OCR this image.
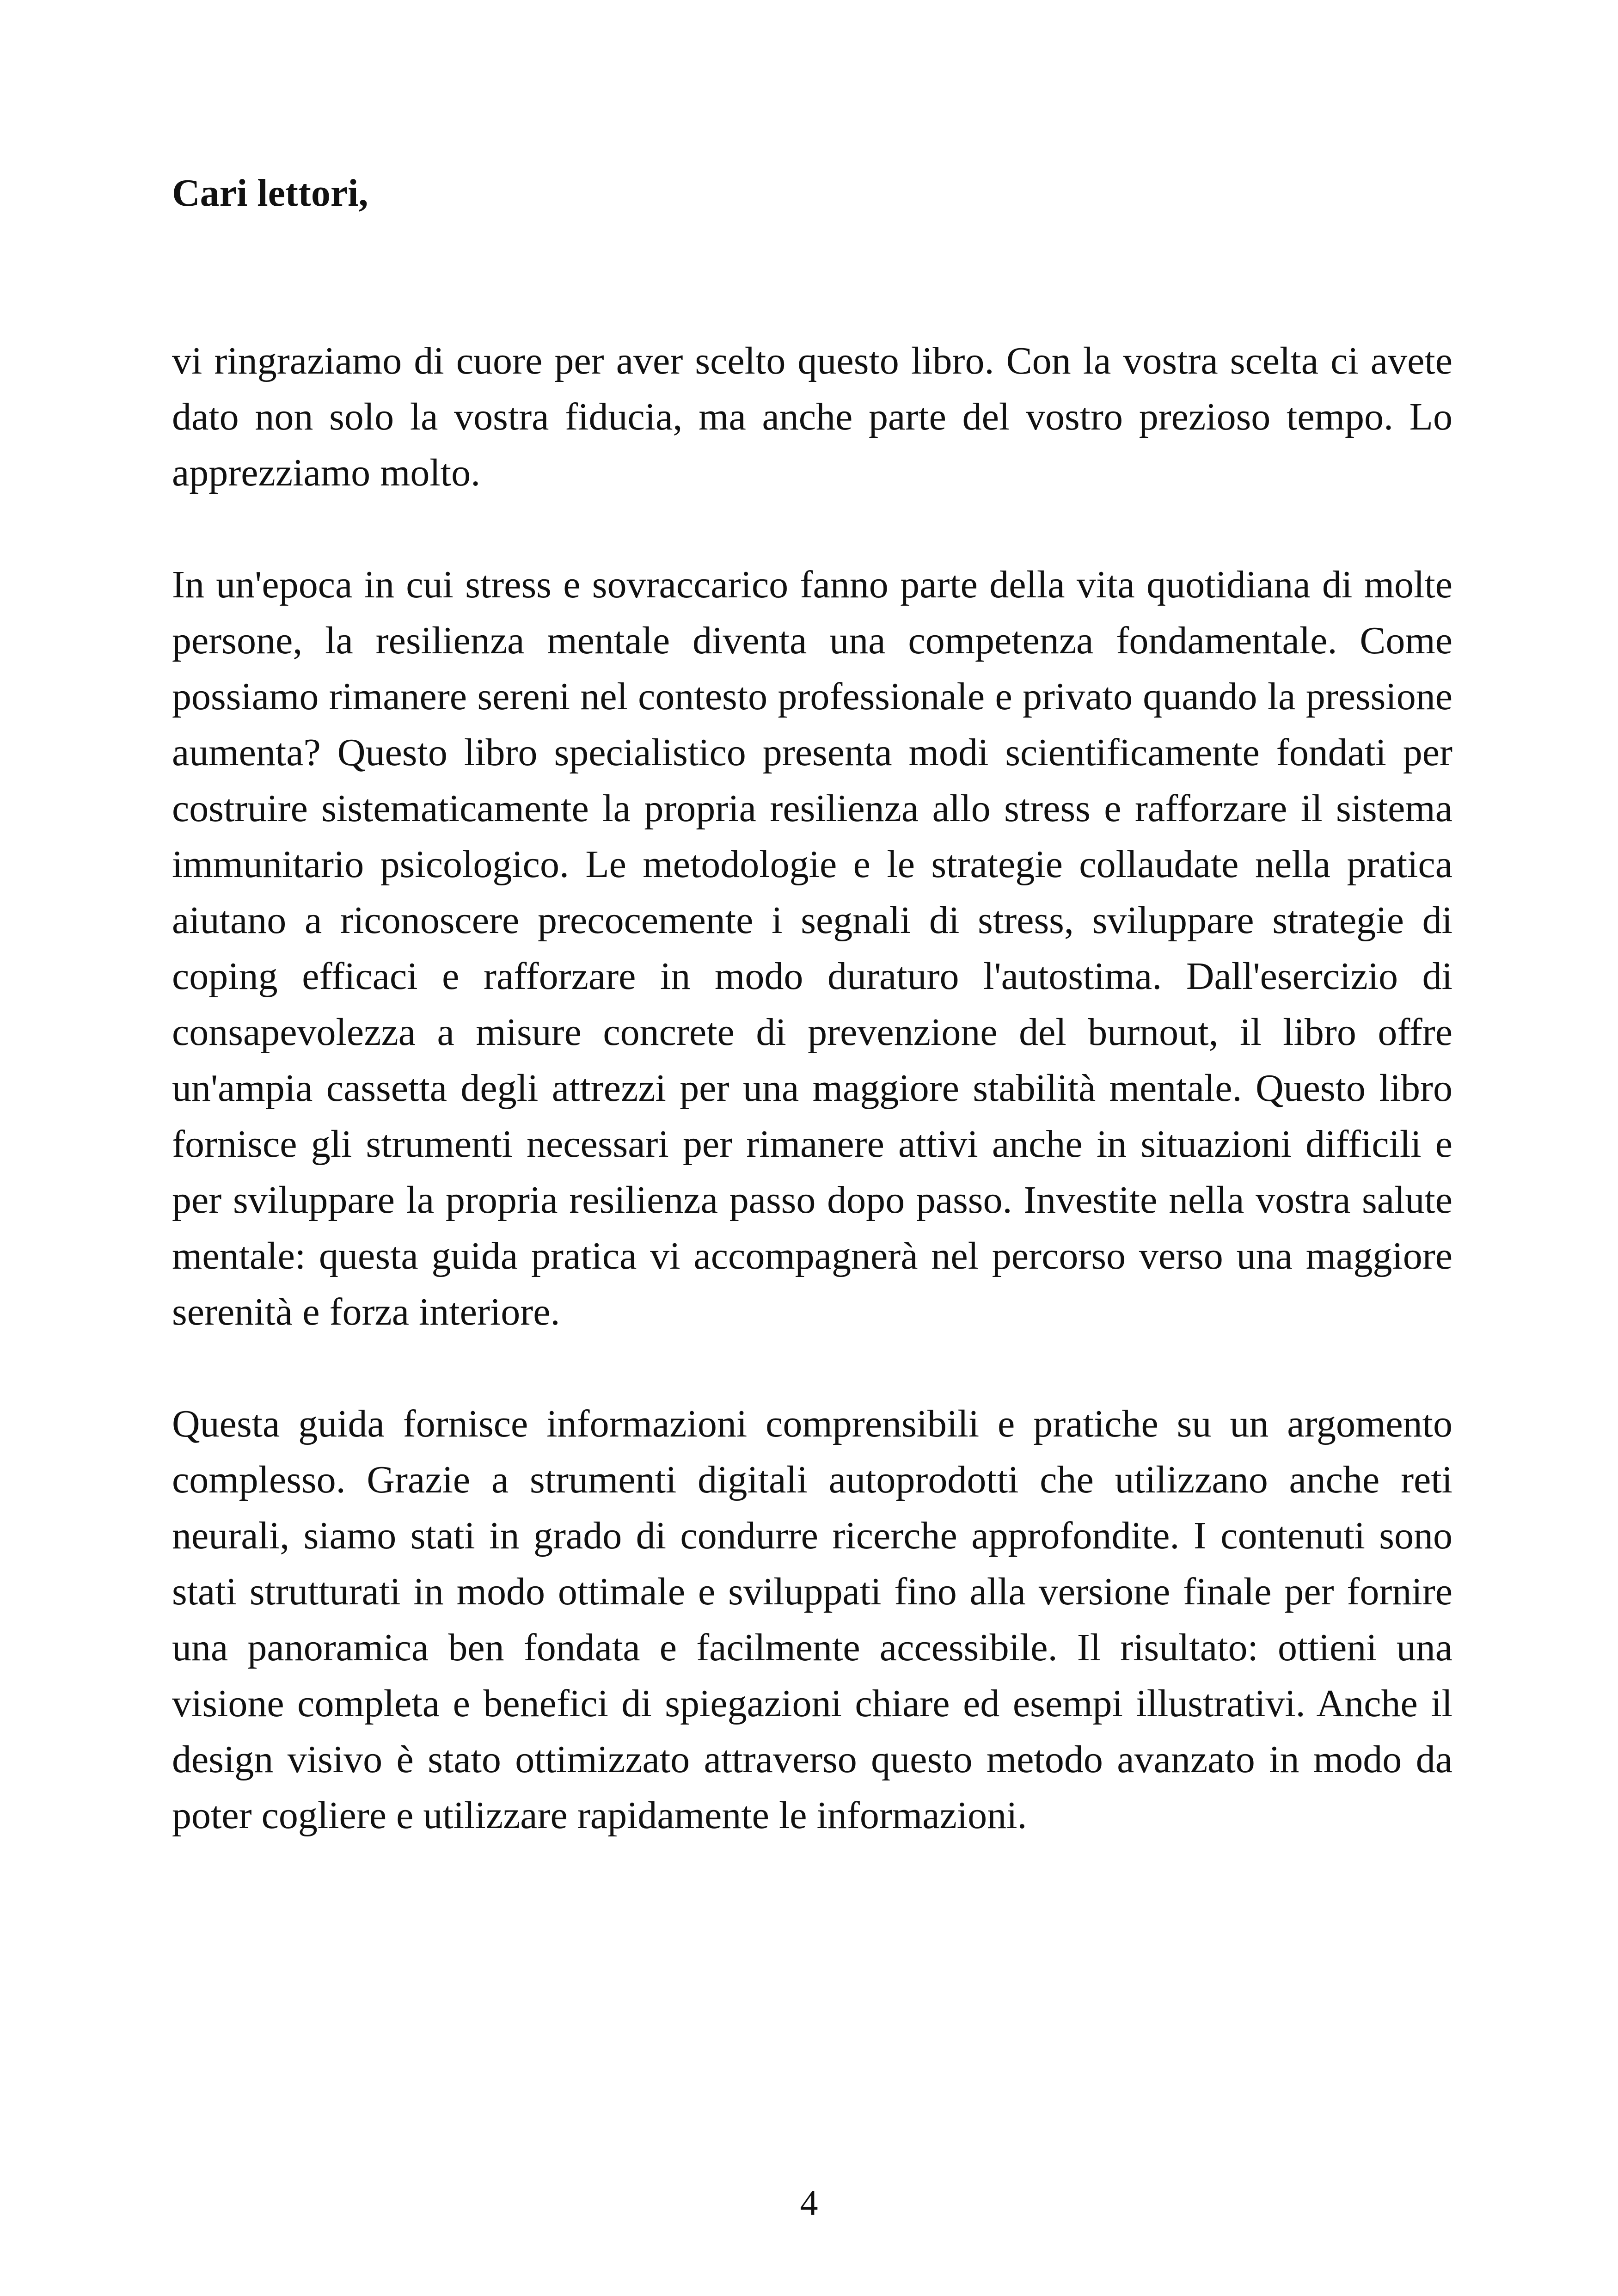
Cari lettori,

vi ringraziamo di cuore per aver scelto questo libro. Con la vostra scelta ci avete dato non solo la vostra fiducia, ma anche parte del vostro prezioso tempo. Lo apprezziamo molto.

In un'epoca in cui stress e sovraccarico fanno parte della vita quotidiana di molte persone, la resilienza mentale diventa una competenza fondamentale. Come possiamo rimanere sereni nel contesto professionale e privato quando la pressione aumenta? Questo libro specialistico presenta modi scientificamente fondati per costruire sistematicamente la propria resilienza allo stress e rafforzare il sistema immunitario psicologico. Le metodologie e le strategie collaudate nella pratica aiutano a riconoscere precocemente i segnali di stress, sviluppare strategie di coping efficaci e rafforzare in modo duraturo l'autostima. Dall'esercizio di consapevolezza a misure concrete di prevenzione del burnout, il libro offre un'ampia cassetta degli attrezzi per una maggiore stabilità mentale. Questo libro fornisce gli strumenti necessari per rimanere attivi anche in situazioni difficili e per sviluppare la propria resilienza passo dopo passo. Investite nella vostra salute mentale: questa guida pratica vi accompagnerà nel percorso verso una maggiore serenità e forza interiore.

Questa guida fornisce informazioni comprensibili e pratiche su un argomento complesso. Grazie a strumenti digitali autoprodotti che utilizzano anche reti neurali, siamo stati in grado di condurre ricerche approfondite. I contenuti sono stati strutturati in modo ottimale e sviluppati fino alla versione finale per fornire una panoramica ben fondata e facilmente accessibile. Il risultato: ottieni una visione completa e benefici di spiegazioni chiare ed esempi illustrativi. Anche il design visivo è stato ottimizzato attraverso questo metodo avanzato in modo da poter cogliere e utilizzare rapidamente le informazioni.

4
